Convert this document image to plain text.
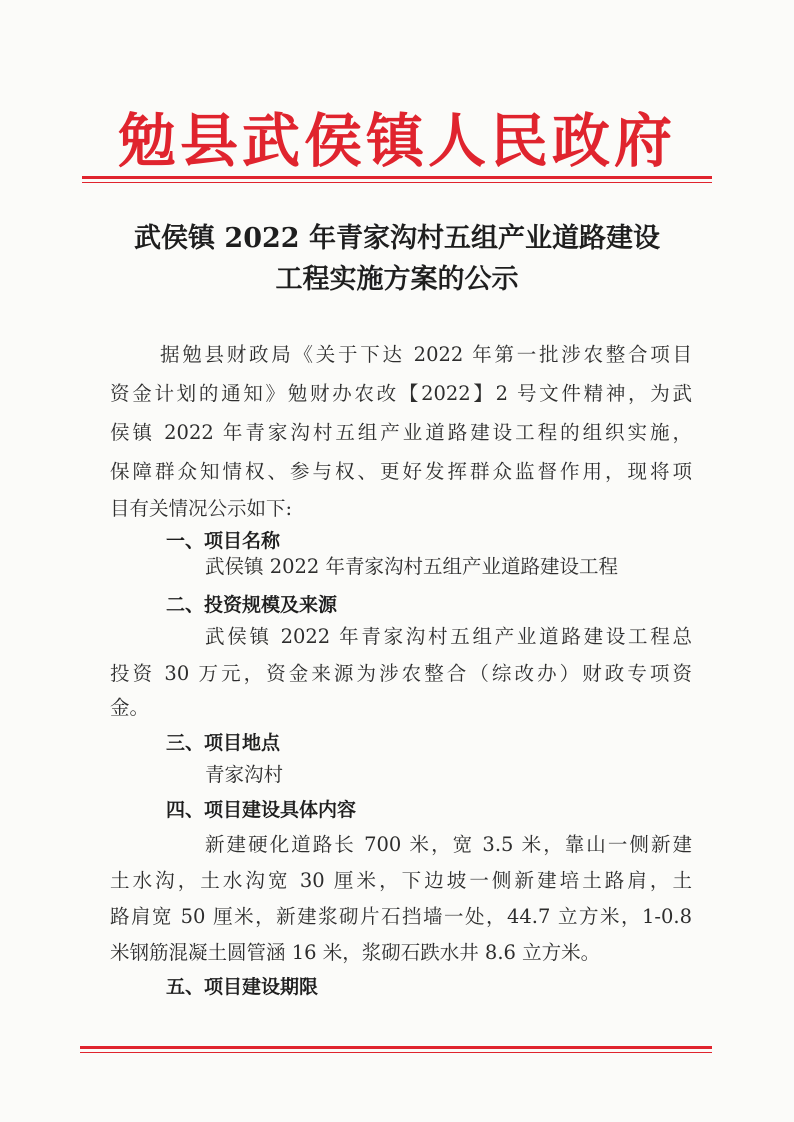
勉县武侯镇人民政府
武侯镇 2022 年青家沟村五组产业道路建设
工程实施方案的公示
据勉县财政局《关于下达 2022 年第一批涉农整合项目
资金计划的通知》勉财办农改【2022】2 号文件精神，为武
侯镇 2022 年青家沟村五组产业道路建设工程的组织实施，
保障群众知情权、参与权、更好发挥群众监督作用，现将项
目有关情况公示如下:
一、项目名称
武侯镇 2022 年青家沟村五组产业道路建设工程
二、投资规模及来源
武侯镇 2022 年青家沟村五组产业道路建设工程总
投资 30 万元，资金来源为涉农整合（综改办）财政专项资
金。
三、项目地点
青家沟村
四、项目建设具体内容
新建硬化道路长 700 米，宽 3.5 米，靠山一侧新建
土水沟，土水沟宽 30 厘米，下边坡一侧新建培土路肩，土
路肩宽 50 厘米，新建浆砌片石挡墙一处，44.7 立方米，1-0.8
米钢筋混凝土圆管涵 16 米，浆砌石跌水井 8.6 立方米。
五、项目建设期限
